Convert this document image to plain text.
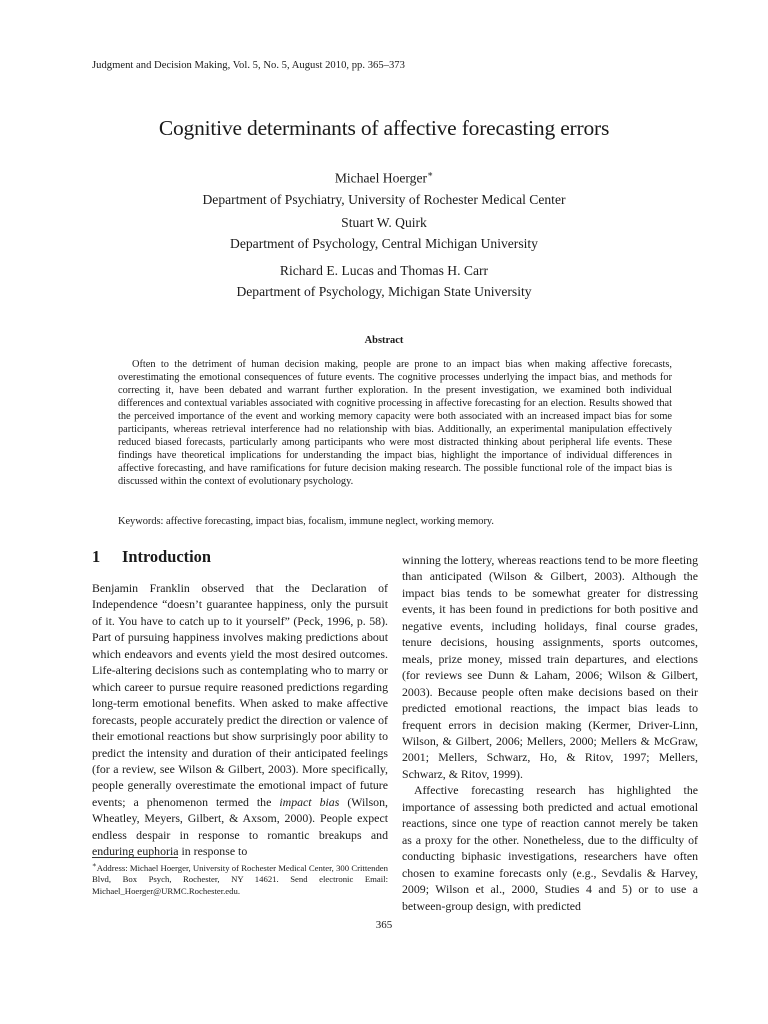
Judgment and Decision Making, Vol. 5, No. 5, August 2010, pp. 365–373
Cognitive determinants of affective forecasting errors
Michael Hoerger∗
Department of Psychiatry, University of Rochester Medical Center
Stuart W. Quirk
Department of Psychology, Central Michigan University
Richard E. Lucas and Thomas H. Carr
Department of Psychology, Michigan State University
Abstract

Often to the detriment of human decision making, people are prone to an impact bias when making affective forecasts, overestimating the emotional consequences of future events. The cognitive processes underlying the impact bias, and methods for correcting it, have been debated and warrant further exploration. In the present investigation, we examined both individual differences and contextual variables associated with cognitive processing in affective forecasting for an election. Results showed that the perceived importance of the event and working memory capacity were both associated with an increased impact bias for some participants, whereas retrieval interference had no relationship with bias. Additionally, an experimental manipulation effectively reduced biased forecasts, particularly among participants who were most distracted thinking about peripheral life events. These findings have theoretical implications for understanding the impact bias, highlight the importance of individual differences in affective forecasting, and have ramifications for future decision making research. The possible functional role of the impact bias is discussed within the context of evolutionary psychology.

Keywords: affective forecasting, impact bias, focalism, immune neglect, working memory.

1 Introduction

Benjamin Franklin observed that the Declaration of Independence “doesn’t guarantee happiness, only the pursuit of it. You have to catch up to it yourself” (Peck, 1996, p. 58). Part of pursuing happiness involves making predictions about which endeavors and events yield the most desired outcomes. Life-altering decisions such as contemplating who to marry or which career to pursue require reasoned predictions regarding long-term emotional benefits. When asked to make affective forecasts, people accurately predict the direction or valence of their emotional reactions but show surprisingly poor ability to predict the intensity and duration of their anticipated feelings (for a review, see Wilson & Gilbert, 2003). More specifically, people generally overestimate the emotional impact of future events; a phenomenon termed the impact bias (Wilson, Wheatley, Meyers, Gilbert, & Axsom, 2000). People expect endless despair in response to romantic breakups and enduring euphoria in response to

winning the lottery, whereas reactions tend to be more fleeting than anticipated (Wilson & Gilbert, 2003). Although the impact bias tends to be somewhat greater for distressing events, it has been found in predictions for both positive and negative events, including holidays, final course grades, tenure decisions, housing assignments, sports outcomes, meals, prize money, missed train departures, and elections (for reviews see Dunn & Laham, 2006; Wilson & Gilbert, 2003). Because people often make decisions based on their predicted emotional reactions, the impact bias leads to frequent errors in decision making (Kermer, Driver-Linn, Wilson, & Gilbert, 2006; Mellers, 2000; Mellers & McGraw, 2001; Mellers, Schwarz, Ho, & Ritov, 1997; Mellers, Schwarz, & Ritov, 1999).

Affective forecasting research has highlighted the importance of assessing both predicted and actual emotional reactions, since one type of reaction cannot merely be taken as a proxy for the other. Nonetheless, due to the difficulty of conducting biphasic investigations, researchers have often chosen to examine forecasts only (e.g., Sevdalis & Harvey, 2009; Wilson et al., 2000, Studies 4 and 5) or to use a between-group design, with predicted

∗Address: Michael Hoerger, University of Rochester Medical Center, 300 Crittenden Blvd, Box Psych, Rochester, NY 14621. Send electronic Email: Michael_Hoerger@URMC.Rochester.edu.

365
